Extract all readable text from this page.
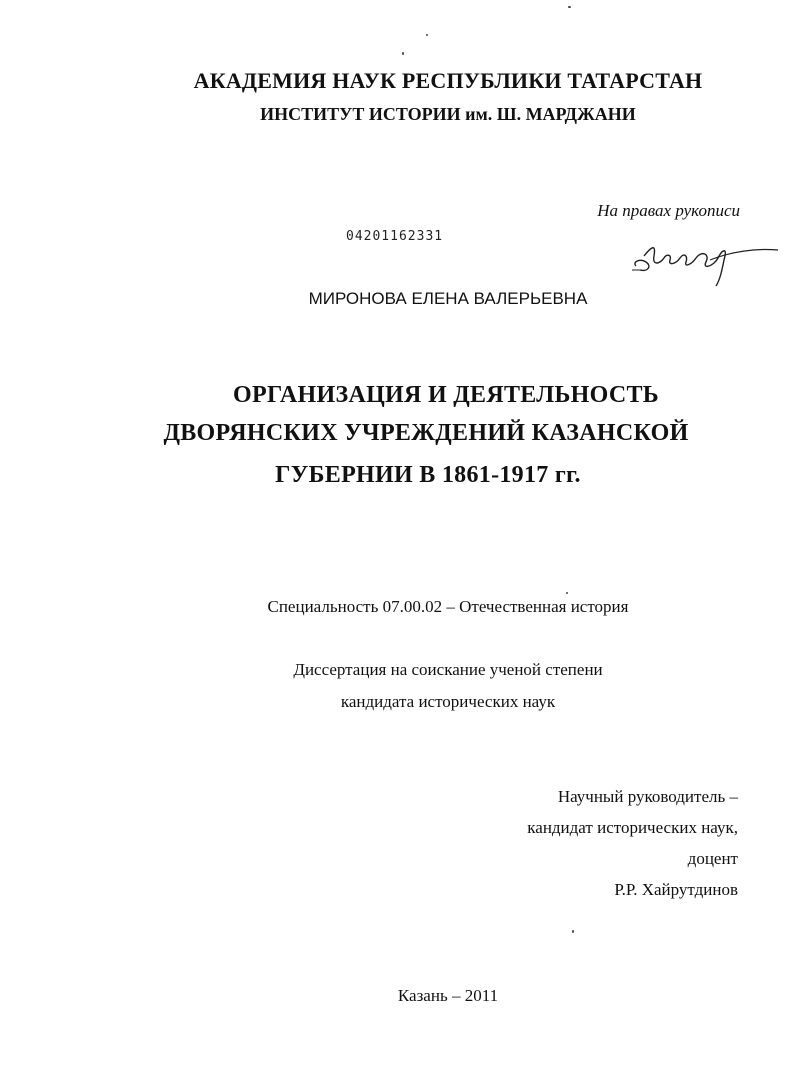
АКАДЕМИЯ НАУК РЕСПУБЛИКИ ТАТАРСТАН
ИНСТИТУТ ИСТОРИИ им. Ш. МАРДЖАНИ
На правах рукописи
04201162331
МИРОНОВА ЕЛЕНА ВАЛЕРЬЕВНА
ОРГАНИЗАЦИЯ И ДЕЯТЕЛЬНОСТЬ
ДВОРЯНСКИХ УЧРЕЖДЕНИЙ КАЗАНСКОЙ
ГУБЕРНИИ В 1861-1917 гг.
Специальность 07.00.02 – Отечественная история
Диссертация на соискание ученой степени
кандидата исторических наук
Научный руководитель –
кандидат исторических наук,
доцент
Р.Р. Хайрутдинов
Казань – 2011
